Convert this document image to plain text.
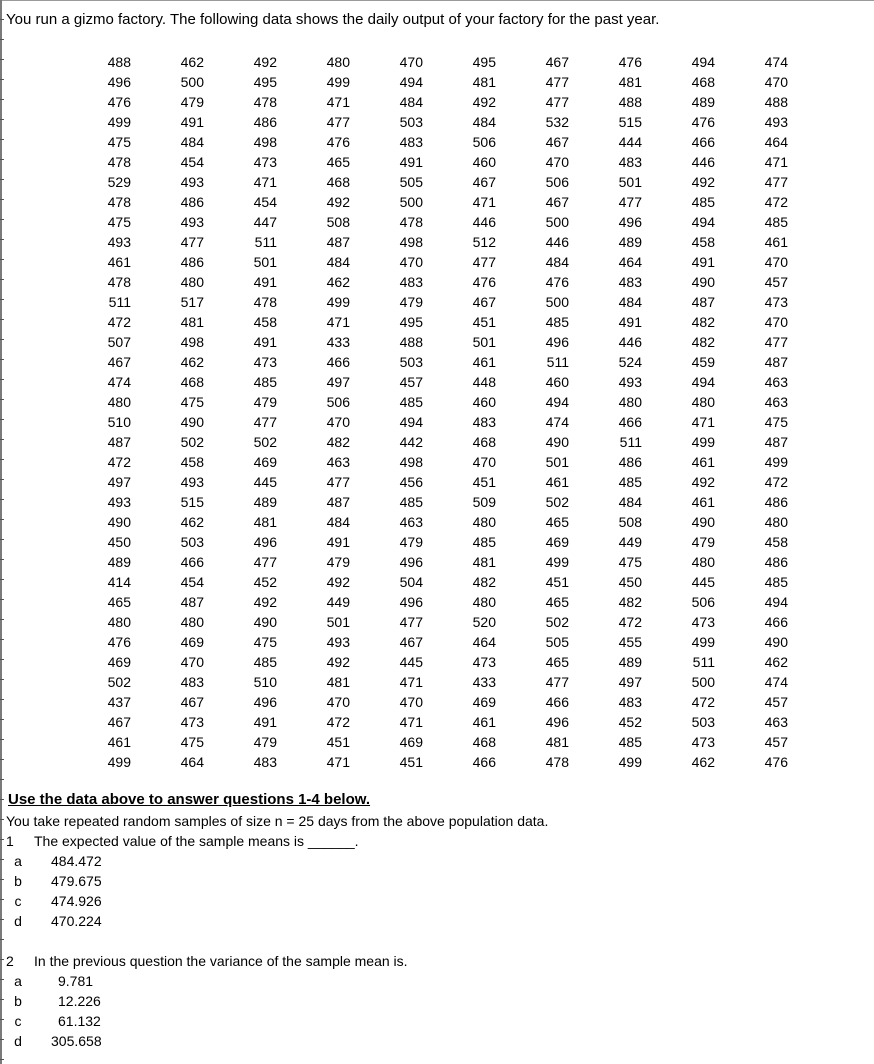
You run a gizmo factory. The following data shows the daily output of your factory for the past year.
488	462	492	480	470	495	467	476	494	474
496	500	495	499	494	481	477	481	468	470
476	479	478	471	484	492	477	488	489	488
499	491	486	477	503	484	532	515	476	493
475	484	498	476	483	506	467	444	466	464
478	454	473	465	491	460	470	483	446	471
529	493	471	468	505	467	506	501	492	477
478	486	454	492	500	471	467	477	485	472
475	493	447	508	478	446	500	496	494	485
493	477	511	487	498	512	446	489	458	461
461	486	501	484	470	477	484	464	491	470
478	480	491	462	483	476	476	483	490	457
511	517	478	499	479	467	500	484	487	473
472	481	458	471	495	451	485	491	482	470
507	498	491	433	488	501	496	446	482	477
467	462	473	466	503	461	511	524	459	487
474	468	485	497	457	448	460	493	494	463
480	475	479	506	485	460	494	480	480	463
510	490	477	470	494	483	474	466	471	475
487	502	502	482	442	468	490	511	499	487
472	458	469	463	498	470	501	486	461	499
497	493	445	477	456	451	461	485	492	472
493	515	489	487	485	509	502	484	461	486
490	462	481	484	463	480	465	508	490	480
450	503	496	491	479	485	469	449	479	458
489	466	477	479	496	481	499	475	480	486
414	454	452	492	504	482	451	450	445	485
465	487	492	449	496	480	465	482	506	494
480	480	490	501	477	520	502	472	473	466
476	469	475	493	467	464	505	455	499	490
469	470	485	492	445	473	465	489	511	462
502	483	510	481	471	433	477	497	500	474
437	467	496	470	470	469	466	483	472	457
467	473	491	472	471	461	496	452	503	463
461	475	479	451	469	468	481	485	473	457
499	464	483	471	451	466	478	499	462	476
Use the data above to answer questions 1-4 below.
You take repeated random samples of size n = 25 days from the above population data.
1 The expected value of the sample means is ______.
a 484.472
b 479.675
c 474.926
d 470.224
2 In the previous question the variance of the sample mean is.
a	9.781
b	12.226
c	61.132
d 305.658
